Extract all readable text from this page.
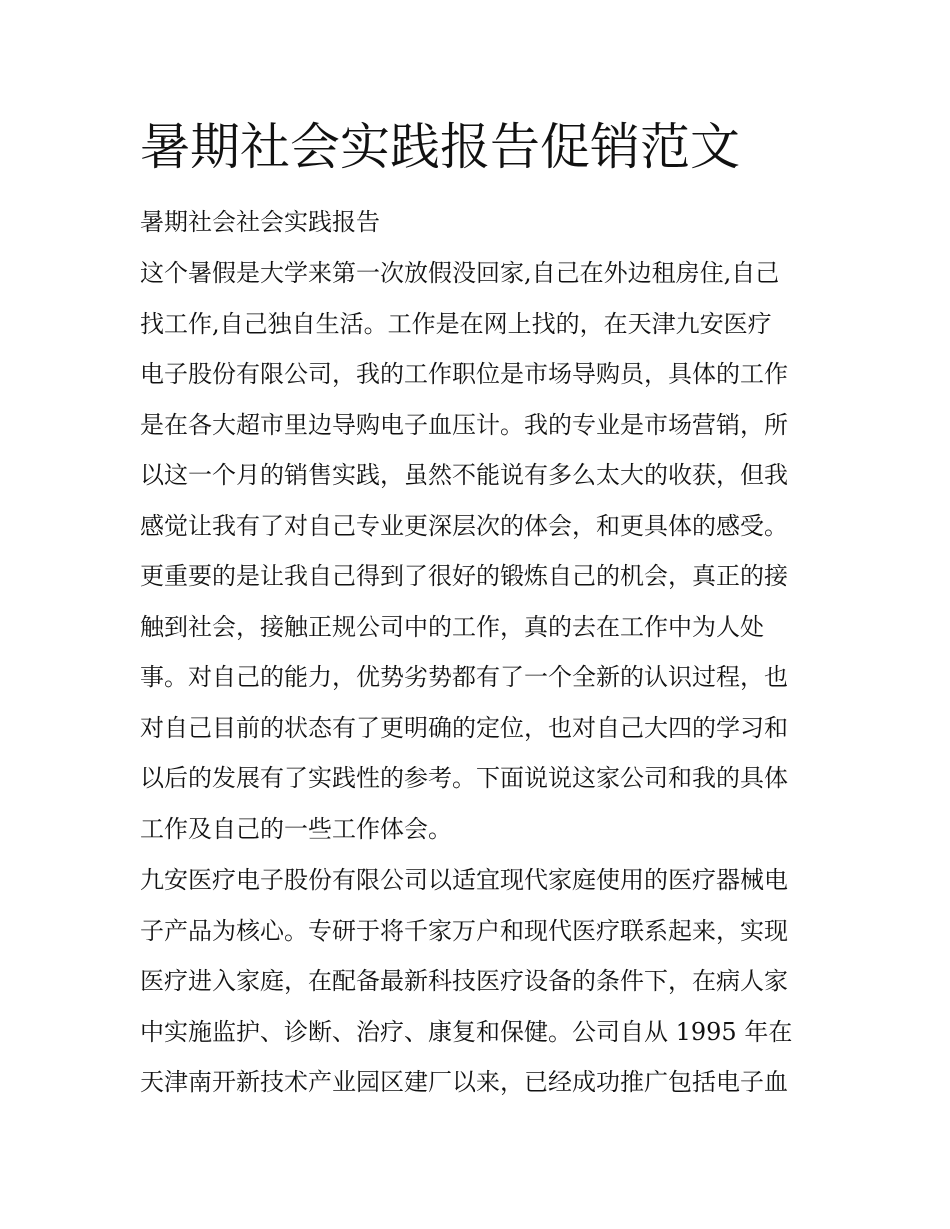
暑期社会实践报告促销范文
暑期社会社会实践报告
这个暑假是大学来第一次放假没回家,自己在外边租房住,自己
找工作,自己独自生活。工作是在网上找的，在天津九安医疗
电子股份有限公司，我的工作职位是市场导购员，具体的工作
是在各大超市里边导购电子血压计。我的专业是市场营销，所
以这一个月的销售实践，虽然不能说有多么太大的收获，但我
感觉让我有了对自己专业更深层次的体会，和更具体的感受。
更重要的是让我自己得到了很好的锻炼自己的机会，真正的接
触到社会，接触正规公司中的工作，真的去在工作中为人处
事。对自己的能力，优势劣势都有了一个全新的认识过程，也
对自己目前的状态有了更明确的定位，也对自己大四的学习和
以后的发展有了实践性的参考。下面说说这家公司和我的具体
工作及自己的一些工作体会。
九安医疗电子股份有限公司以适宜现代家庭使用的医疗器械电
子产品为核心。专研于将千家万户和现代医疗联系起来，实现
医疗进入家庭，在配备最新科技医疗设备的条件下，在病人家
中实施监护、诊断、治疗、康复和保健。公司自从 1995 年在
天津南开新技术产业园区建厂以来，已经成功推广包括电子血
